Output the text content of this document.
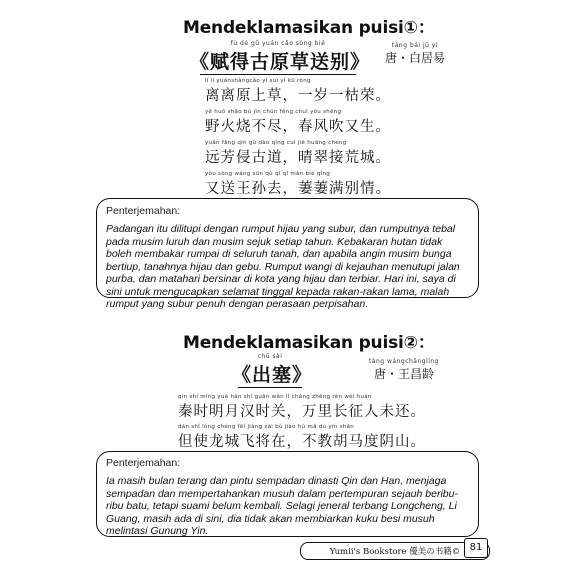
Mendeklamasikan puisi①：
fù dé gǔ yuán cǎo sòng bié
《赋得古原草送别》
táng bái jū yì
唐・白居易
lí lí yuánshàngcǎo yí suì yì kū róng
离离原上草，一岁一枯荣。
yě huǒ shāo bú jìn chūn fēng chuī yòu shēng
野火烧不尽，春风吹又生。
yuǎn fāng qīn gǔ dào qíng cuì jiē huāng chéng
远芳侵古道，晴翠接荒城。
yòu sòng wáng sūn qù qī qī mǎn bié qíng
又送王孙去，萋萋满别情。
Penterjemahan:
Padangan itu dilitupi dengan rumput hijau yang subur, dan rumputnya tebal pada musim luruh dan musim sejuk setiap tahun. Kebakaran hutan tidak boleh membakar rumpai di seluruh tanah, dan apabila angin musim bunga bertiup, tanahnya hijau dan gebu. Rumput wangi di kejauhan menutupi jalan purba, dan matahari bersinar di kota yang hijau dan terbiar. Hari ini, saya di sini untuk mengucapkan selamat tinggal kepada rakan-rakan lama, malah rumput yang subur penuh dengan perasaan perpisahan.
Mendeklamasikan puisi②：
chū sài
《出塞》
táng wángchānglíng
唐・王昌龄
qín shí míng yuè hàn shí guān wàn lǐ cháng zhēng rén wèi huán
秦时明月汉时关，万里长征人未还。
dàn shǐ lóng chéng fēi jiàng zài bú jiào hú mǎ dù yīn shān
但使龙城飞将在，不教胡马度阴山。
Penterjemahan:
Ia masih bulan terang dan pintu sempadan dinasti Qin dan Han, menjaga sempadan dan mempertahankan musuh dalam pertempuran sejauh beribu-ribu batu, tetapi suami belum kembali. Selagi jeneral terbang Longcheng, Li Guang, masih ada di sini, dia tidak akan membiarkan kuku besi musuh melintasi Gunung Yin.
Yumii's Bookstore 優美の书籍© 81
